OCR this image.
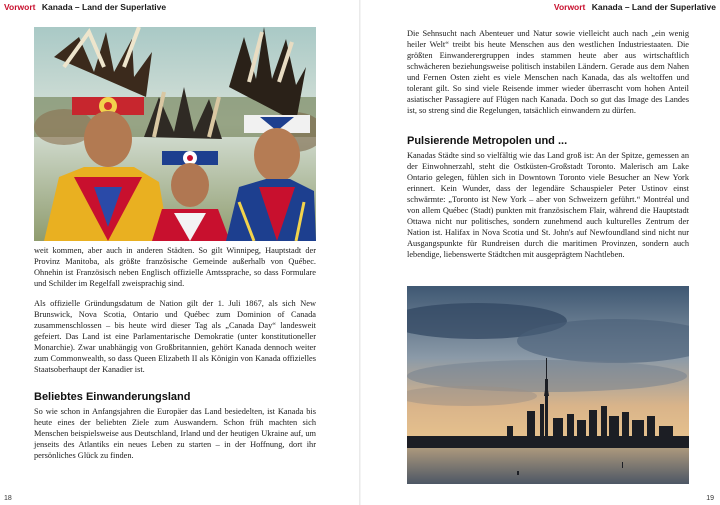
Vorwort Kanada – Land der Superlative

weit kommen, aber auch in anderen Städten. So gilt Winnipeg, Hauptstadt der Provinz Manitoba, als größte französische Gemeinde außerhalb von Québec. Ohnehin ist Französisch neben Englisch offizielle Amtssprache, so dass Formulare und Schilder im Regelfall zweisprachig sind.

Als offizielle Gründungsdatum de Nation gilt der 1. Juli 1867, als sich New Brunswick, Nova Scotia, Ontario und Québec zum Dominion of Canada zusammenschlossen – bis heute wird dieser Tag als „Canada Day“ landesweit gefeiert. Das Land ist eine Parlamentarische Demokratie (unter konstitutioneller Monarchie). Zwar unabhängig von Großbritannien, gehört Kanada dennoch weiter zum Commonwealth, so dass Queen Elizabeth II als Königin von Kanada offizielles Staatsoberhaupt der Kanadier ist.

Beliebtes Einwanderungsland

So wie schon in Anfangsjahren die Europäer das Land besiedelten, ist Kanada bis heute eines der beliebten Ziele zum Auswandern. Schon früh machten sich Menschen beispielsweise aus Deutschland, Irland und der heutigen Ukraine auf, um jenseits des Atlantiks ein neues Leben zu starten – in der Hoffnung, dort ihr persönliches Glück zu finden.

18
Vorwort Kanada – Land der Superlative

Die Sehnsucht nach Abenteuer und Natur sowie vielleicht auch nach „ein wenig heiler Welt“ treibt bis heute Menschen aus den westlichen Industriestaaten. Die größten Einwanderergruppen indes stammen heute aber aus wirtschaftlich schwächeren beziehungsweise politisch instabilen Ländern. Gerade aus dem Nahen und Fernen Osten zieht es viele Menschen nach Kanada, das als weltoffen und tolerant gilt. So sind viele Reisende immer wieder überrascht vom hohen Anteil asiatischer Passagiere auf Flügen nach Kanada. Doch so gut das Image des Landes ist, so streng sind die Regelungen, tatsächlich einwandern zu dürfen.

Pulsierende Metropolen und ...

Kanadas Städte sind so vielfältig wie das Land groß ist: An der Spitze, gemessen an der Einwohnerzahl, steht die Ostküsten-Großstadt Toronto. Malerisch am Lake Ontario gelegen, fühlen sich in Downtown Toronto viele Besucher an New York erinnert. Kein Wunder, dass der legendäre Schauspieler Peter Ustinov einst schwärmte: „Toronto ist New York – aber von Schweizern geführt.“ Montréal und von allem Québec (Stadt) punkten mit französischem Flair, während die Hauptstadt Ottawa nicht nur politisches, sondern zunehmend auch kulturelles Zentrum der Nation ist. Halifax in Nova Scotia und St. John's auf Newfoundland sind nicht nur Ausgangspunkte für Rundreisen durch die maritimen Provinzen, sondern auch lebendige, liebenswerte Städtchen mit ausgeprägtem Nachtleben.

19
